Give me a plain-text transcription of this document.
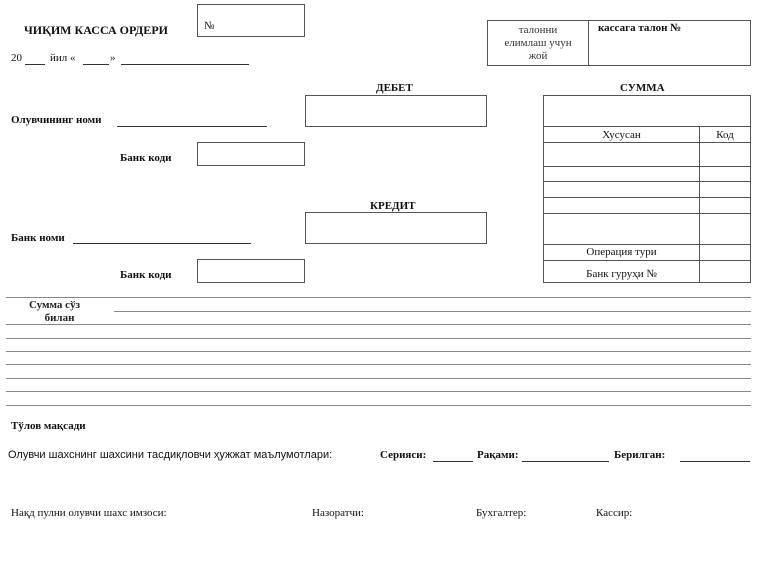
ЧИҚИМ КАССА ОРДЕРИ	№
20	йил «	»
талонни
елимлаш учун
жой
кассага талон №
ДЕБЕТ
Олувчининг номи
Банк коди
КРЕДИТ
Банк номи
Банк коди
СУММА
Хусусан	Код
Операция тури
Банк гуруҳи №
Сумма сўз
билан
Тўлов мақсади
Олувчи шахснинг шахсини тасдиқловчи ҳужжат маълумотлари:	Серияси:	Рақами:	Берилган:
Нақд пулни олувчи шахс имзоси:	Назоратчи:	Бухгалтер:	Кассир:
